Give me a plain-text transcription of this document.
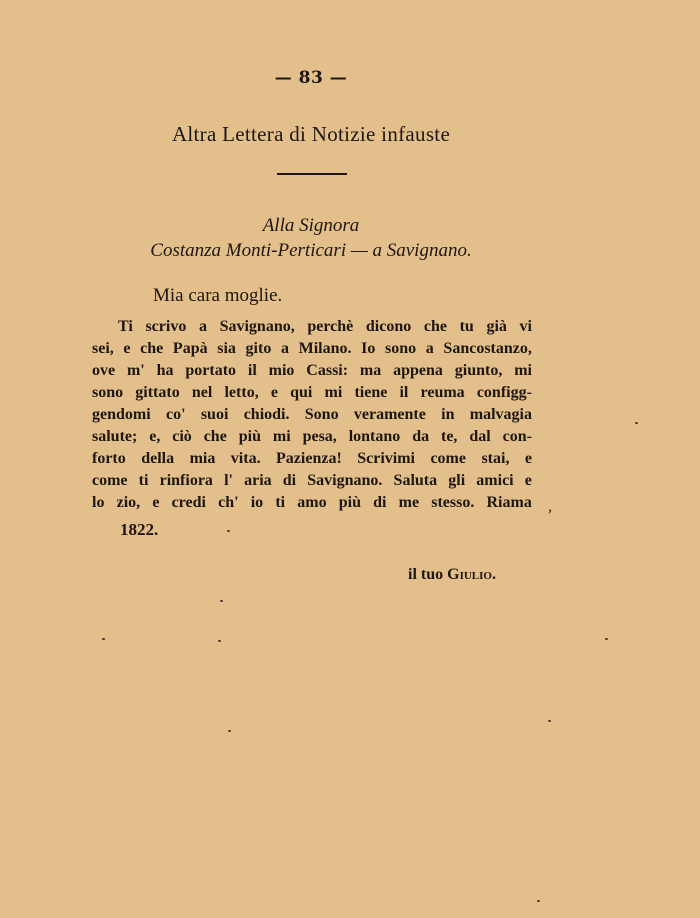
— 83 —
Altra Lettera di Notizie infauste
Alla Signora
Costanza Monti-Perticari — a Savignano.
Mia cara moglie.
Ti scrivo a Savignano, perchè dicono che tu già vi
sei, e che Papà sia gito a Milano. Io sono a Sancostanzo,
ove m' ha portato il mio Cassi: ma appena giunto, mi
sono gittato nel letto, e qui mi tiene il reuma configg-
gendomi co' suoi chiodi. Sono veramente in malvagia
salute; e, ciò che più mi pesa, lontano da te, dal con-
forto della mia vita. Pazienza! Scrivimi come stai, e
come ti rinfiora l' aria di Savignano. Saluta gli amici e
lo zio, e credi ch' io ti amo più di me stesso. Riama
1822.
il tuo Giulio.
,
